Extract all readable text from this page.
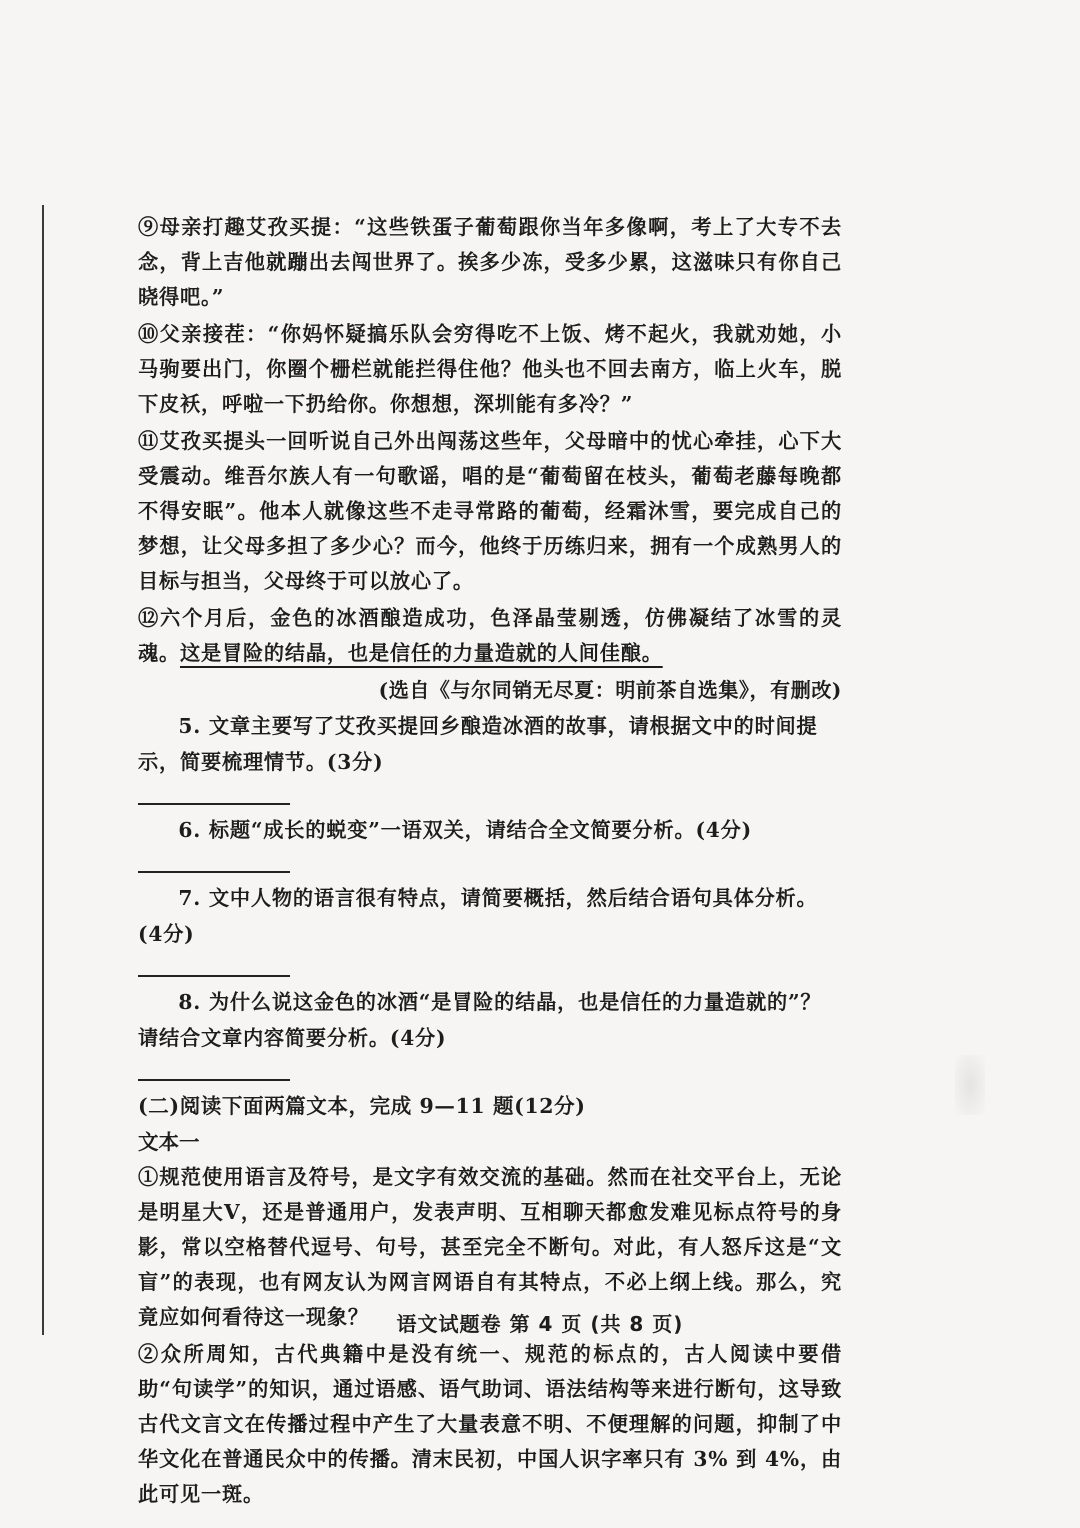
⑨母亲打趣艾孜买提：“这些铁蛋子葡萄跟你当年多像啊，考上了大专不去念，背上吉他就蹦出去闯世界了。挨多少冻，受多少累，这滋味只有你自己晓得吧。”

⑩父亲接茬：“你妈怀疑搞乐队会穷得吃不上饭、烤不起火，我就劝她，小马驹要出门，你圈个栅栏就能拦得住他？他头也不回去南方，临上火车，脱下皮袄，呼啦一下扔给你。你想想，深圳能有多冷？”

⑪艾孜买提头一回听说自己外出闯荡这些年，父母暗中的忧心牵挂，心下大受震动。维吾尔族人有一句歌谣，唱的是“葡萄留在枝头，葡萄老藤每晚都不得安眠”。他本人就像这些不走寻常路的葡萄，经霜沐雪，要完成自己的梦想，让父母多担了多少心？而今，他终于历练归来，拥有一个成熟男人的目标与担当，父母终于可以放心了。

⑫六个月后，金色的冰酒酿造成功，色泽晶莹剔透，仿佛凝结了冰雪的灵魂。这是冒险的结晶，也是信任的力量造就的人间佳酿。

(选自《与尔同销无尽夏：明前茶自选集》，有删改)

5. 文章主要写了艾孜买提回乡酿造冰酒的故事，请根据文中的时间提示，简要梳理情节。(3分)

6. 标题“成长的蜕变”一语双关，请结合全文简要分析。(4分)

7. 文中人物的语言很有特点，请简要概括，然后结合语句具体分析。(4分)

8. 为什么说这金色的冰酒“是冒险的结晶，也是信任的力量造就的”？请结合文章内容简要分析。(4分)

(二)阅读下面两篇文本，完成 9—11 题(12分)

文本一

①规范使用语言及符号，是文字有效交流的基础。然而在社交平台上，无论是明星大V，还是普通用户，发表声明、互相聊天都愈发难见标点符号的身影，常以空格替代逗号、句号，甚至完全不断句。对此，有人怒斥这是“文盲”的表现，也有网友认为网言网语自有其特点，不必上纲上线。那么，究竟应如何看待这一现象？

②众所周知，古代典籍中是没有统一、规范的标点的，古人阅读中要借助“句读学”的知识，通过语感、语气助词、语法结构等来进行断句，这导致古代文言文在传播过程中产生了大量表意不明、不便理解的问题，抑制了中华文化在普通民众中的传播。清末民初，中国人识字率只有 3% 到 4%，由此可见一斑。

语文试题卷 第 4 页 (共 8 页)
